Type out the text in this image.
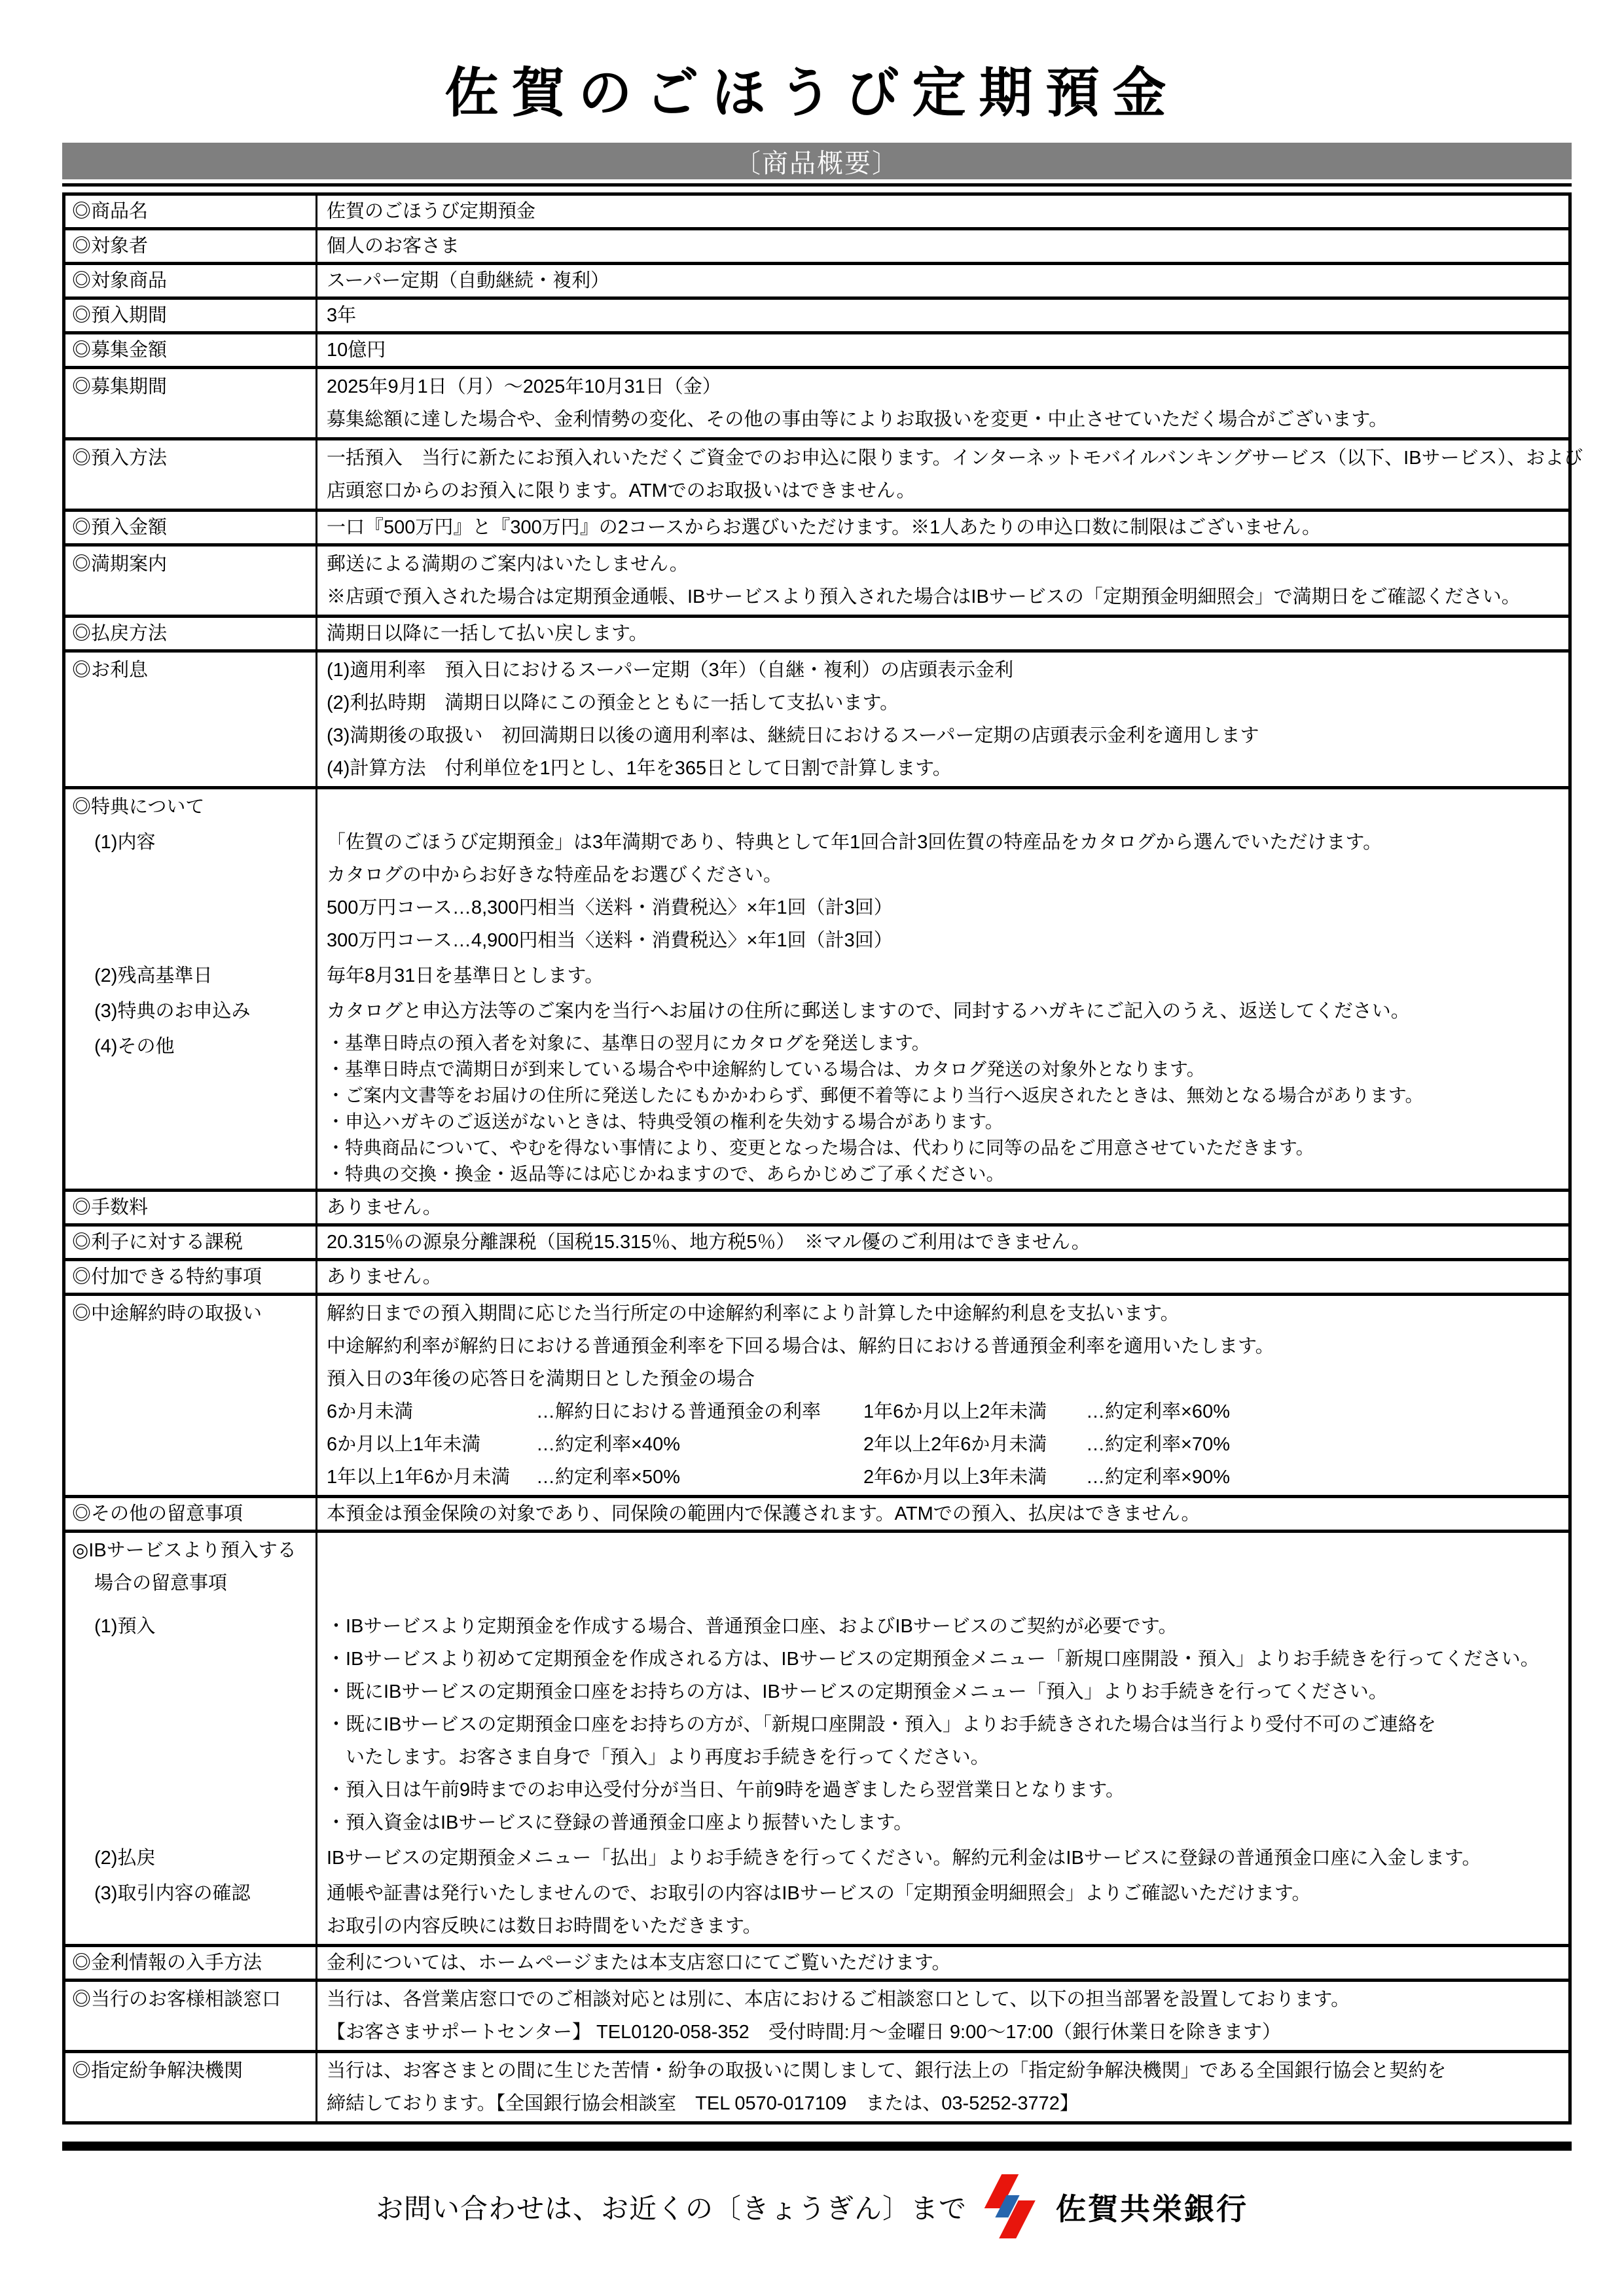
佐賀のごほうび定期預金
〔商品概要〕
◎商品名	佐賀のごほうび定期預金
◎対象者	個人のお客さま
◎対象商品	スーパー定期（自動継続・複利）
◎預入期間	3年
◎募集金額	10億円
◎募集期間	2025年9月1日（月）～2025年10月31日（金）
募集総額に達した場合や、金利情勢の変化、その他の事由等によりお取扱いを変更・中止させていただく場合がございます。
◎預入方法	一括預入　当行に新たにお預入れいただくご資金でのお申込に限ります。インターネットモバイルバンキングサービス（以下、IBサービス）、および
店頭窓口からのお預入に限ります。ATMでのお取扱いはできません。
◎預入金額	一口『500万円』と『300万円』の2コースからお選びいただけます。※1人あたりの申込口数に制限はございません。
◎満期案内	郵送による満期のご案内はいたしません。
※店頭で預入された場合は定期預金通帳、IBサービスより預入された場合はIBサービスの「定期預金明細照会」で満期日をご確認ください。
◎払戻方法	満期日以降に一括して払い戻します。
◎お利息	(1)適用利率　預入日におけるスーパー定期（3年）（自継・複利）の店頭表示金利
(2)利払時期　満期日以降にこの預金とともに一括して支払います。
(3)満期後の取扱い　初回満期日以後の適用利率は、継続日におけるスーパー定期の店頭表示金利を適用します
(4)計算方法　付利単位を1円とし、1年を365日として日割で計算します。
◎特典について
(1)内容	「佐賀のごほうび定期預金」は3年満期であり、特典として年1回合計3回佐賀の特産品をカタログから選んでいただけます。
カタログの中からお好きな特産品をお選びください。
500万円コース…8,300円相当〈送料・消費税込〉×年1回（計3回）
300万円コース…4,900円相当〈送料・消費税込〉×年1回（計3回）
(2)残高基準日	毎年8月31日を基準日とします。
(3)特典のお申込み	カタログと申込方法等のご案内を当行へお届けの住所に郵送しますので、同封するハガキにご記入のうえ、返送してください。
(4)その他	・基準日時点の預入者を対象に、基準日の翌月にカタログを発送します。
・基準日時点で満期日が到来している場合や中途解約している場合は、カタログ発送の対象外となります。
・ご案内文書等をお届けの住所に発送したにもかかわらず、郵便不着等により当行へ返戻されたときは、無効となる場合があります。
・申込ハガキのご返送がないときは、特典受領の権利を失効する場合があります。
・特典商品について、やむを得ない事情により、変更となった場合は、代わりに同等の品をご用意させていただきます。
・特典の交換・換金・返品等には応じかねますので、あらかじめご了承ください。
◎手数料	ありません。
◎利子に対する課税	20.315％の源泉分離課税（国税15.315％、地方税5％）　※マル優のご利用はできません。
◎付加できる特約事項	ありません。
◎中途解約時の取扱い	解約日までの預入期間に応じた当行所定の中途解約利率により計算した中途解約利息を支払います。
中途解約利率が解約日における普通預金利率を下回る場合は、解約日における普通預金利率を適用いたします。
預入日の3年後の応答日を満期日とした預金の場合
6か月未満	…解約日における普通預金の利率	1年6か月以上2年未満	…約定利率×60%
6か月以上1年未満	…約定利率×40%	2年以上2年6か月未満	…約定利率×70%
1年以上1年6か月未満	…約定利率×50%	2年6か月以上3年未満	…約定利率×90%
◎その他の留意事項	本預金は預金保険の対象であり、同保険の範囲内で保護されます。ATMでの預入、払戻はできません。
◎IBサービスより預入する
場合の留意事項
(1)預入	・IBサービスより定期預金を作成する場合、普通預金口座、およびIBサービスのご契約が必要です。
・IBサービスより初めて定期預金を作成される方は、IBサービスの定期預金メニュー「新規口座開設・預入」よりお手続きを行ってください。
・既にIBサービスの定期預金口座をお持ちの方は、IBサービスの定期預金メニュー「預入」よりお手続きを行ってください。
・既にIBサービスの定期預金口座をお持ちの方が、「新規口座開設・預入」よりお手続きされた場合は当行より受付不可のご連絡を
　いたします。お客さま自身で「預入」より再度お手続きを行ってください。
・預入日は午前9時までのお申込受付分が当日、午前9時を過ぎましたら翌営業日となります。
・預入資金はIBサービスに登録の普通預金口座より振替いたします。
(2)払戻	IBサービスの定期預金メニュー「払出」よりお手続きを行ってください。解約元利金はIBサービスに登録の普通預金口座に入金します。
(3)取引内容の確認	通帳や証書は発行いたしませんので、お取引の内容はIBサービスの「定期預金明細照会」よりご確認いただけます。
お取引の内容反映には数日お時間をいただきます。
◎金利情報の入手方法	金利については、ホームページまたは本支店窓口にてご覧いただけます。
◎当行のお客様相談窓口	当行は、各営業店窓口でのご相談対応とは別に、本店におけるご相談窓口として、以下の担当部署を設置しております。
【お客さまサポートセンター】 TEL0120-058-352　受付時間:月～金曜日 9:00～17:00（銀行休業日を除きます）
◎指定紛争解決機関	当行は、お客さまとの間に生じた苦情・紛争の取扱いに関しまして、銀行法上の「指定紛争解決機関」である全国銀行協会と契約を
締結しております。【全国銀行協会相談室　TEL 0570-017109　または、03-5252-3772】
お問い合わせは、お近くの〔きょうぎん〕まで	佐賀共栄銀行
